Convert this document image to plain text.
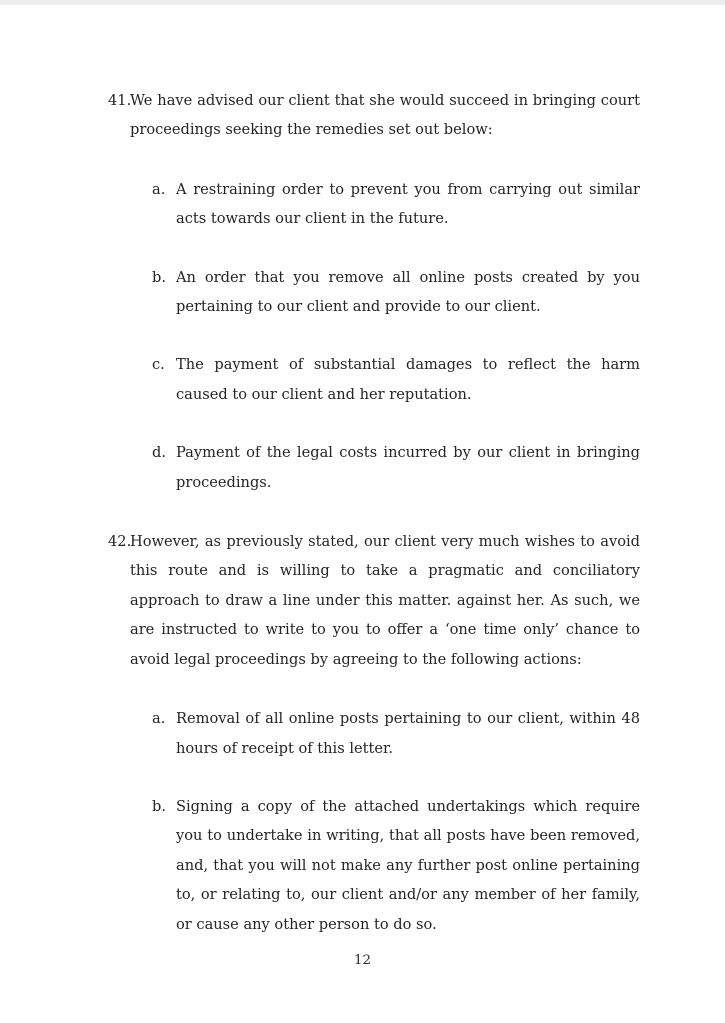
41.
We have advised our client that she would succeed in bringing court proceedings seeking the remedies set out below:
a. A restraining order to prevent you from carrying out similar acts towards our client in the future.
b. An order that you remove all online posts created by you pertaining to our client and provide to our client.
c. The payment of substantial damages to reflect the harm caused to our client and her reputation.
d. Payment of the legal costs incurred by our client in bringing proceedings.
42.
However, as previously stated, our client very much wishes to avoid this route and is willing to take a pragmatic and conciliatory approach to draw a line under this matter. against her. As such, we are instructed to write to you to offer a ‘one time only’ chance to avoid legal proceedings by agreeing to the following actions:
a. Removal of all online posts pertaining to our client, within 48 hours of receipt of this letter.
b. Signing a copy of the attached undertakings which require you to undertake in writing, that all posts have been removed, and, that you will not make any further post online pertaining to, or relating to, our client and/or any member of her family, or cause any other person to do so.
12
